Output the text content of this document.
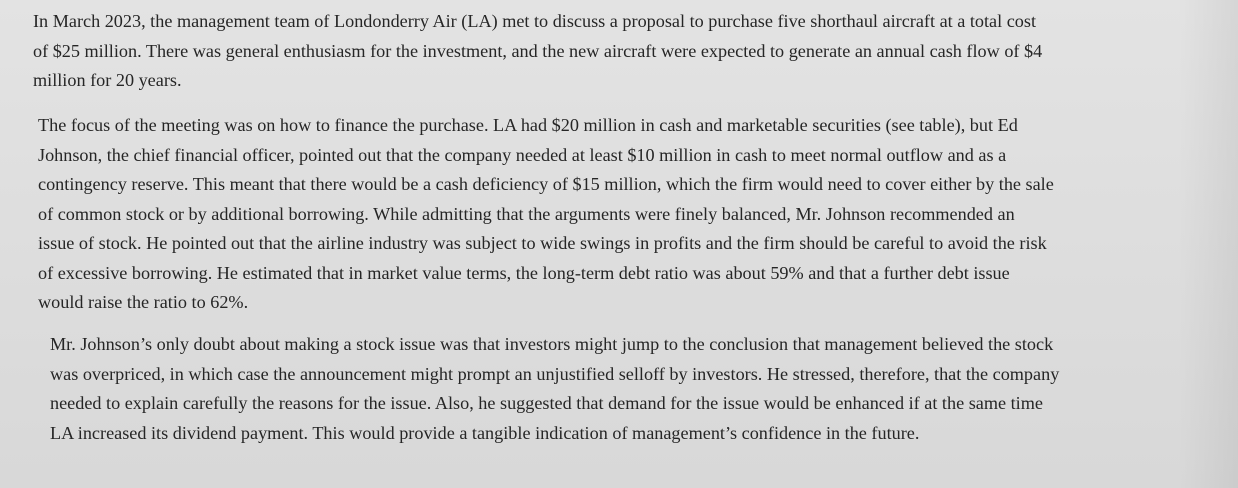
In March 2023, the management team of Londonderry Air (LA) met to discuss a proposal to purchase five shorthaul aircraft at a total cost
of $25 million. There was general enthusiasm for the investment, and the new aircraft were expected to generate an annual cash flow of $4
million for 20 years.

The focus of the meeting was on how to finance the purchase. LA had $20 million in cash and marketable securities (see table), but Ed
Johnson, the chief financial officer, pointed out that the company needed at least $10 million in cash to meet normal outflow and as a
contingency reserve. This meant that there would be a cash deficiency of $15 million, which the firm would need to cover either by the sale
of common stock or by additional borrowing. While admitting that the arguments were finely balanced, Mr. Johnson recommended an
issue of stock. He pointed out that the airline industry was subject to wide swings in profits and the firm should be careful to avoid the risk
of excessive borrowing. He estimated that in market value terms, the long-term debt ratio was about 59% and that a further debt issue
would raise the ratio to 62%.

Mr. Johnson’s only doubt about making a stock issue was that investors might jump to the conclusion that management believed the stock
was overpriced, in which case the announcement might prompt an unjustified selloff by investors. He stressed, therefore, that the company
needed to explain carefully the reasons for the issue. Also, he suggested that demand for the issue would be enhanced if at the same time
LA increased its dividend payment. This would provide a tangible indication of management’s confidence in the future.
